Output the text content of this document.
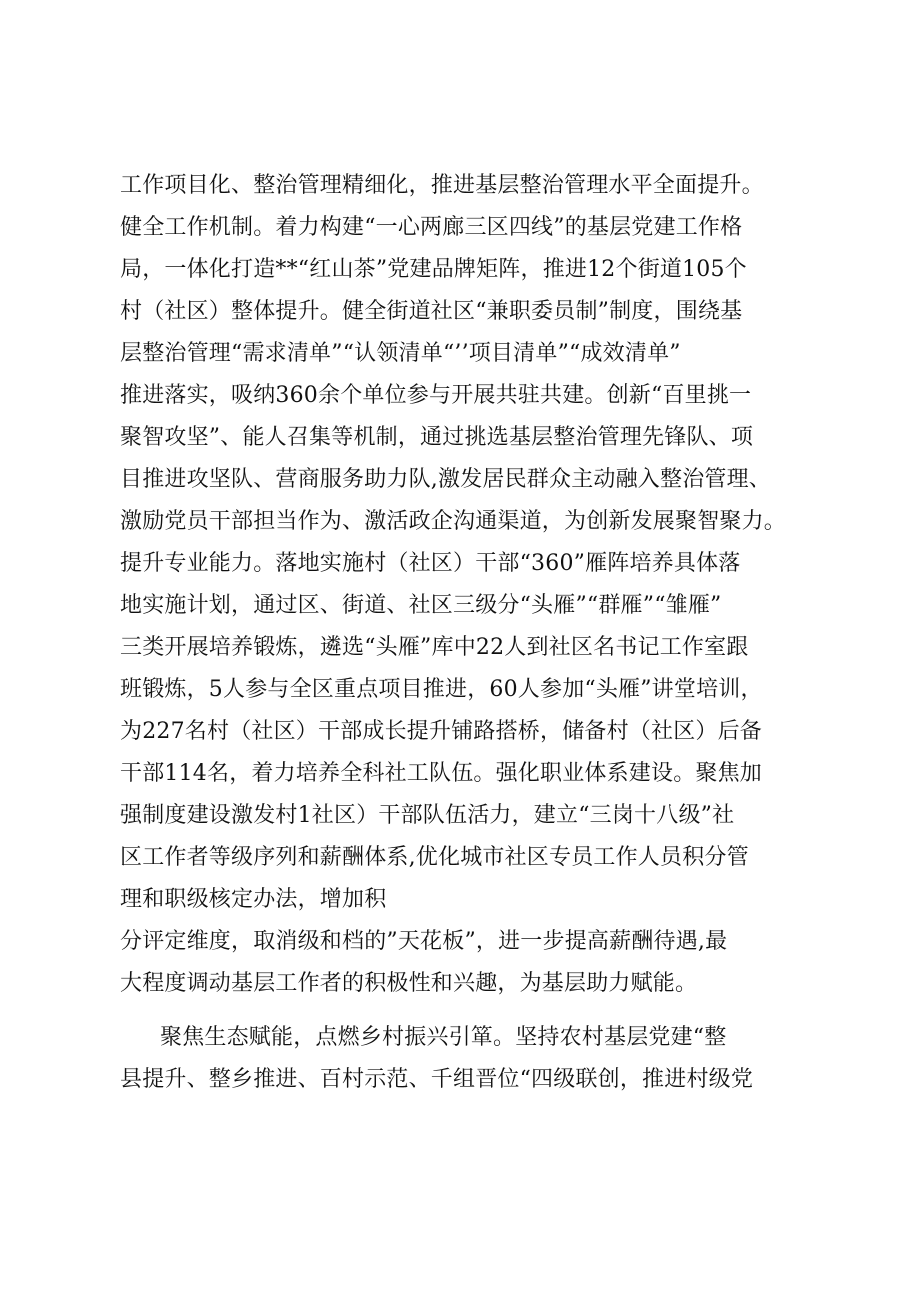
工作项目化、整治管理精细化，推进基层整治管理水平全面提升。
健全工作机制。着力构建“一心两廊三区四线”的基层党建工作格
局，一体化打造**“红山茶”党建品牌矩阵，推进12个街道105个
村（社区）整体提升。健全街道社区“兼职委员制”制度，围绕基
层整治管理“需求清单”“认领清单“’’项目清单”“成效清单”
推进落实，吸纳360余个单位参与开展共驻共建。创新“百里挑一
聚智攻坚”、能人召集等机制，通过挑选基层整治管理先锋队、项
目推进攻坚队、营商服务助力队,激发居民群众主动融入整治管理、
激励党员干部担当作为、激活政企沟通渠道，为创新发展聚智聚力。
提升专业能力。落地实施村（社区）干部“360”雁阵培养具体落
地实施计划，通过区、街道、社区三级分“头雁”“群雁”“雏雁”
三类开展培养锻炼，遴选“头雁”库中22人到社区名书记工作室跟
班锻炼，5人参与全区重点项目推进，60人参加“头雁”讲堂培训，
为227名村（社区）干部成长提升铺路搭桥，储备村（社区）后备
干部114名，着力培养全科社工队伍。强化职业体系建设。聚焦加
强制度建设激发村1社区）干部队伍活力，建立“三岗十八级”社
区工作者等级序列和薪酬体系,优化城市社区专员工作人员积分管
理和职级核定办法，增加积
分评定维度，取消级和档的”天花板”，进一步提高薪酬待遇,最
大程度调动基层工作者的积极性和兴趣，为基层助力赋能。
聚焦生态赋能，点燃乡村振兴引箪。坚持农村基层党建“整
县提升、整乡推进、百村示范、千组晋位“四级联创，推进村级党
